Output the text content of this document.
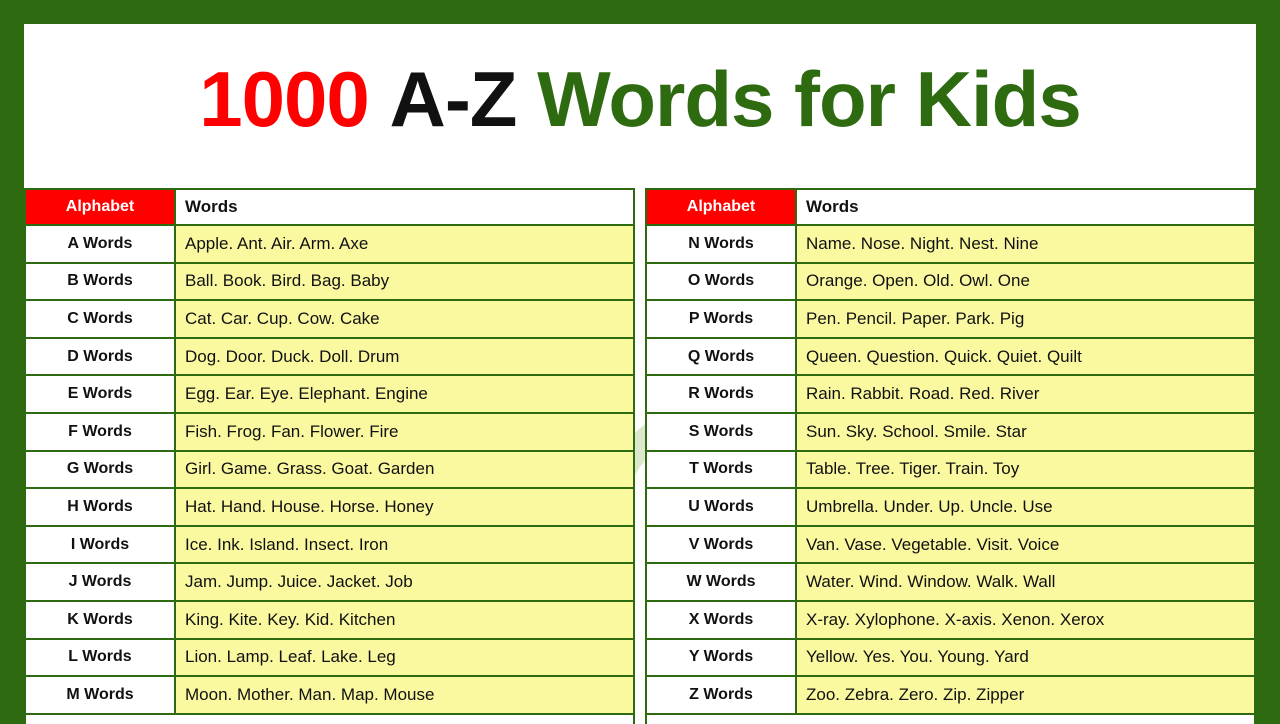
1000 A-Z Words for Kids
Alphabet	Words
A Words	Apple. Ant. Air. Arm. Axe
B Words	Ball. Book. Bird. Bag. Baby
C Words	Cat. Car. Cup. Cow. Cake
D Words	Dog. Door. Duck. Doll. Drum
E Words	Egg. Ear. Eye. Elephant. Engine
F Words	Fish. Frog. Fan. Flower. Fire
G Words	Girl. Game. Grass. Goat. Garden
H Words	Hat. Hand. House. Horse. Honey
I Words	Ice. Ink. Island. Insect. Iron
J Words	Jam. Jump. Juice. Jacket. Job
K Words	King. Kite. Key. Kid. Kitchen
L Words	Lion. Lamp. Leaf. Lake. Leg
M Words	Moon. Mother. Man. Map. Mouse
Alphabet	Words
N Words	Name. Nose. Night. Nest. Nine
O Words	Orange. Open. Old. Owl. One
P Words	Pen. Pencil. Paper. Park. Pig
Q Words	Queen. Question. Quick. Quiet. Quilt
R Words	Rain. Rabbit. Road. Red. River
S Words	Sun. Sky. School. Smile. Star
T Words	Table. Tree. Tiger. Train. Toy
U Words	Umbrella. Under. Up. Uncle. Use
V Words	Van. Vase. Vegetable. Visit. Voice
W Words	Water. Wind. Window. Walk. Wall
X Words	X-ray. Xylophone. X-axis. Xenon. Xerox
Y Words	Yellow. Yes. You. Young. Yard
Z Words	Zoo. Zebra. Zero. Zip. Zipper
